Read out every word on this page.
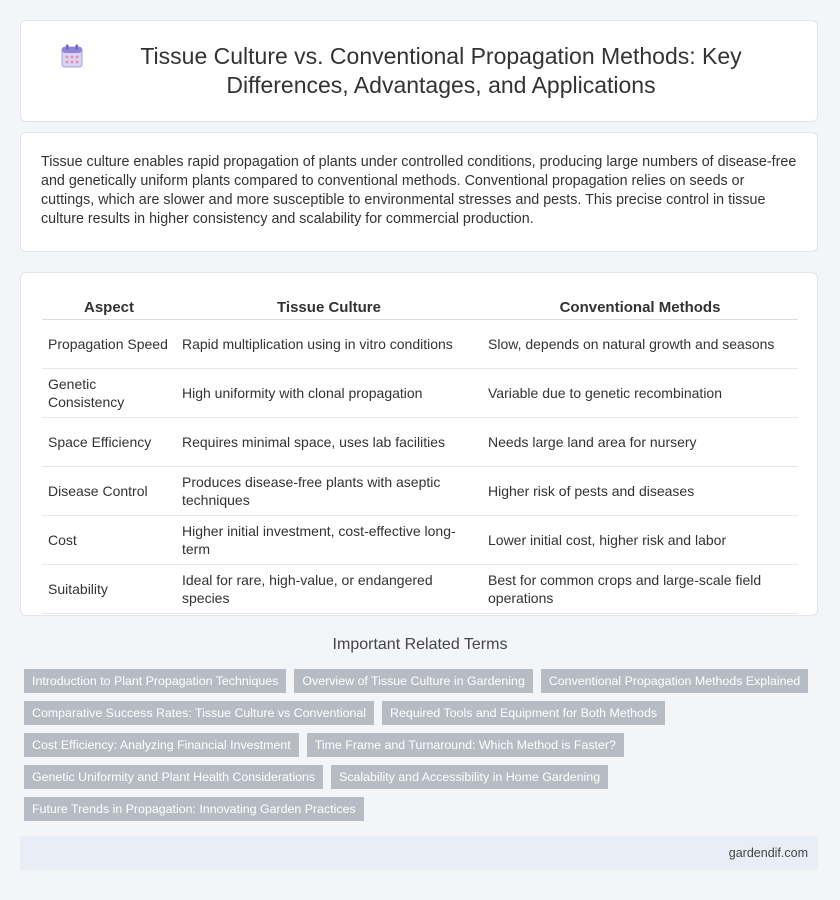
Tissue Culture vs. Conventional Propagation Methods: Key Differences, Advantages, and Applications

Tissue culture enables rapid propagation of plants under controlled conditions, producing large numbers of disease-free and genetically uniform plants compared to conventional methods. Conventional propagation relies on seeds or cuttings, which are slower and more susceptible to environmental stresses and pests. This precise control in tissue culture results in higher consistency and scalability for commercial production.

Aspect	Tissue Culture	Conventional Methods
Propagation Speed	Rapid multiplication using in vitro conditions	Slow, depends on natural growth and seasons
Genetic Consistency	High uniformity with clonal propagation	Variable due to genetic recombination
Space Efficiency	Requires minimal space, uses lab facilities	Needs large land area for nursery
Disease Control	Produces disease-free plants with aseptic techniques	Higher risk of pests and diseases
Cost	Higher initial investment, cost-effective long-term	Lower initial cost, higher risk and labor
Suitability	Ideal for rare, high-value, or endangered species	Best for common crops and large-scale field operations
Important Related Terms
Introduction to Plant Propagation Techniques	Overview of Tissue Culture in Gardening	Conventional Propagation Methods Explained
Comparative Success Rates: Tissue Culture vs Conventional	Required Tools and Equipment for Both Methods
Cost Efficiency: Analyzing Financial Investment	Time Frame and Turnaround: Which Method is Faster?
Genetic Uniformity and Plant Health Considerations	Scalability and Accessibility in Home Gardening
Future Trends in Propagation: Innovating Garden Practices
gardendif.com
